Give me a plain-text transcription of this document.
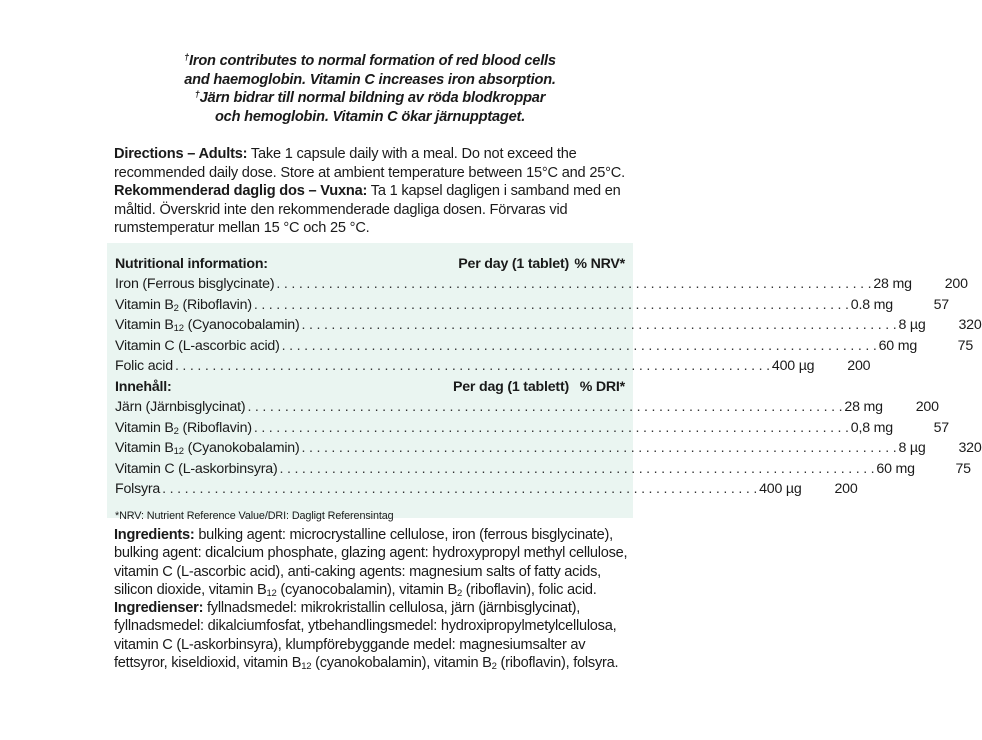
†Iron contributes to normal formation of red blood cells
and haemoglobin. Vitamin C increases iron absorption.
†Järn bidrar till normal bildning av röda blodkroppar
och hemoglobin. Vitamin C ökar järnupptaget.

Directions – Adults: Take 1 capsule daily with a meal. Do not exceed the recommended daily dose. Store at ambient temperature between 15°C and 25°C.

Rekommenderad daglig dos – Vuxna: Ta 1 kapsel dagligen i samband med en måltid. Överskrid inte den rekommenderade dagliga dosen. Förvaras vid rumstemperatur mellan 15 °C och 25 °C.

Nutritional information:	Per day (1 tablet) % NRV*
Iron (Ferrous bisglycinate) . . . . . . . . . . . . . . . . . . . . . . . . . . . . . . . . . . . . . . . . . . . . . . . . . . . . . . . . . . . . . . . . . . . . . . . . . . . . . . . . 28 mg	200
Vitamin $B_2$ (Riboflavin) . . . . . . . . . . . . . . . . . . . . . . . . . . . . . . . . . . . . . . . . . . . . . . . . . . . . . . . . . . . . . . . . . . . . . . . . . . . . . . . . 0.8 mg	57
Vitamin $B_{12}$ (Cyanocobalamin) . . . . . . . . . . . . . . . . . . . . . . . . . . . . . . . . . . . . . . . . . . . . . . . . . . . . . . . . . . . . . . . . . . . . . . . . . . . . . . . . 8 µg	320
Vitamin C (L-ascorbic acid) . . . . . . . . . . . . . . . . . . . . . . . . . . . . . . . . . . . . . . . . . . . . . . . . . . . . . . . . . . . . . . . . . . . . . . . . . . . . . . . . 60 mg	75
Folic acid . . . . . . . . . . . . . . . . . . . . . . . . . . . . . . . . . . . . . . . . . . . . . . . . . . . . . . . . . . . . . . . . . . . . . . . . . . . . . . . . 400 µg	200
Innehåll:	Per dag (1 tablett) % DRI*
Järn (Järnbisglycinat) . . . . . . . . . . . . . . . . . . . . . . . . . . . . . . . . . . . . . . . . . . . . . . . . . . . . . . . . . . . . . . . . . . . . . . . . . . . . . . . . 28 mg	200
Vitamin $B_2$ (Riboflavin) . . . . . . . . . . . . . . . . . . . . . . . . . . . . . . . . . . . . . . . . . . . . . . . . . . . . . . . . . . . . . . . . . . . . . . . . . . . . . . . . 0,8 mg	57
Vitamin $B_{12}$ (Cyanokobalamin) . . . . . . . . . . . . . . . . . . . . . . . . . . . . . . . . . . . . . . . . . . . . . . . . . . . . . . . . . . . . . . . . . . . . . . . . . . . . . . . . 8 µg	320
Vitamin C (L-askorbinsyra) . . . . . . . . . . . . . . . . . . . . . . . . . . . . . . . . . . . . . . . . . . . . . . . . . . . . . . . . . . . . . . . . . . . . . . . . . . . . . . . . 60 mg	75
Folsyra . . . . . . . . . . . . . . . . . . . . . . . . . . . . . . . . . . . . . . . . . . . . . . . . . . . . . . . . . . . . . . . . . . . . . . . . . . . . . . . . 400 µg	200
*NRV: Nutrient Reference Value/DRI: Dagligt Referensintag

Ingredients: bulking agent: microcrystalline cellulose, iron (ferrous bisglycinate),
bulking agent: dicalcium phosphate, glazing agent: hydroxypropyl methyl cellulose,
vitamin C (L-ascorbic acid), anti-caking agents: magnesium salts of fatty acids,
silicon dioxide, vitamin $B_{12}$ (cyanocobalamin), vitamin $B_2$ (riboflavin), folic acid.

Ingredienser: fyllnadsmedel: mikrokristallin cellulosa, järn (järnbisglycinat),
fyllnadsmedel: dikalciumfosfat, ytbehandlingsmedel: hydroxipropylmetylcellulosa,
vitamin C (L-askorbinsyra), klumpförebyggande medel: magnesiumsalter av
fettsyror, kiseldioxid, vitamin $B_{12}$ (cyanokobalamin), vitamin $B_2$ (riboflavin), folsyra.
